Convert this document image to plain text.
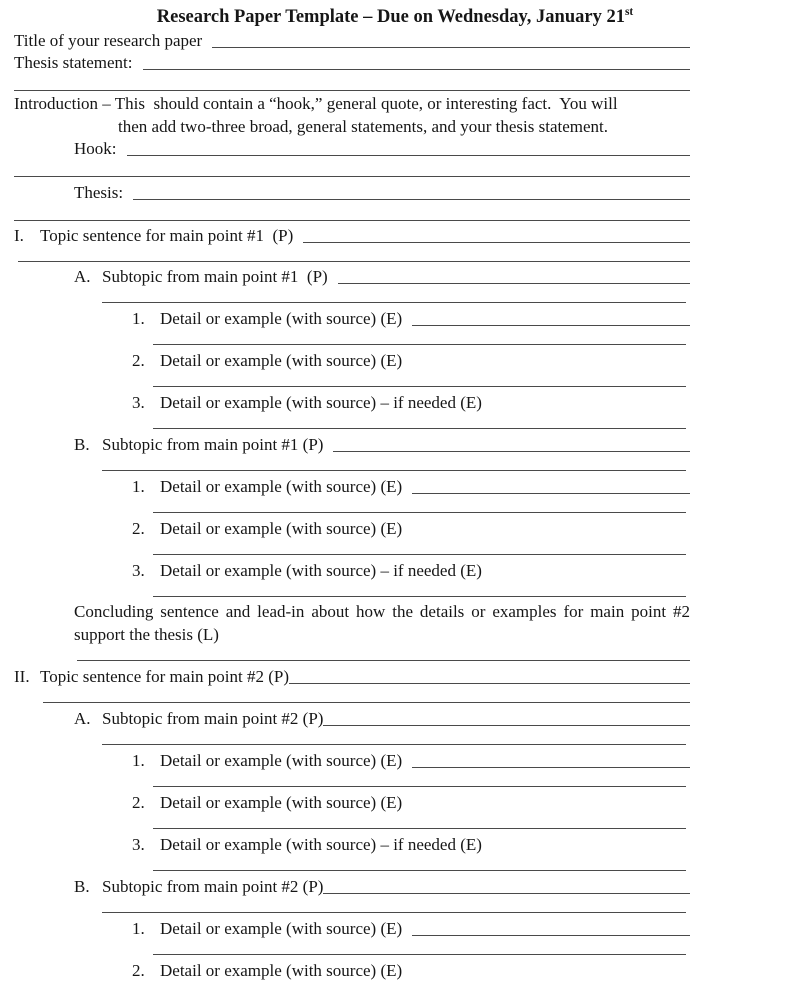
Research Paper Template – Due on Wednesday, January 21st
Title of your research paper
Thesis statement:
Introduction – This  should contain a “hook,” general quote, or interesting fact.  You will
then add two-three broad, general statements, and your thesis statement.
Hook:
Thesis:
I. Topic sentence for main point #1  (P)
A. Subtopic from main point #1  (P)
1. Detail or example (with source) (E)
2. Detail or example (with source) (E)
3. Detail or example (with source) – if needed (E)
B. Subtopic from main point #1 (P)
1. Detail or example (with source) (E)
2. Detail or example (with source) (E)
3. Detail or example (with source) – if needed (E)
Concluding sentence and lead-in about how the details or examples for main point #2
support the thesis (L)
II. Topic sentence for main point #2 (P)
A. Subtopic from main point #2 (P)
1. Detail or example (with source) (E)
2. Detail or example (with source) (E)
3. Detail or example (with source) – if needed (E)
B. Subtopic from main point #2 (P)
1. Detail or example (with source) (E)
2. Detail or example (with source) (E)
